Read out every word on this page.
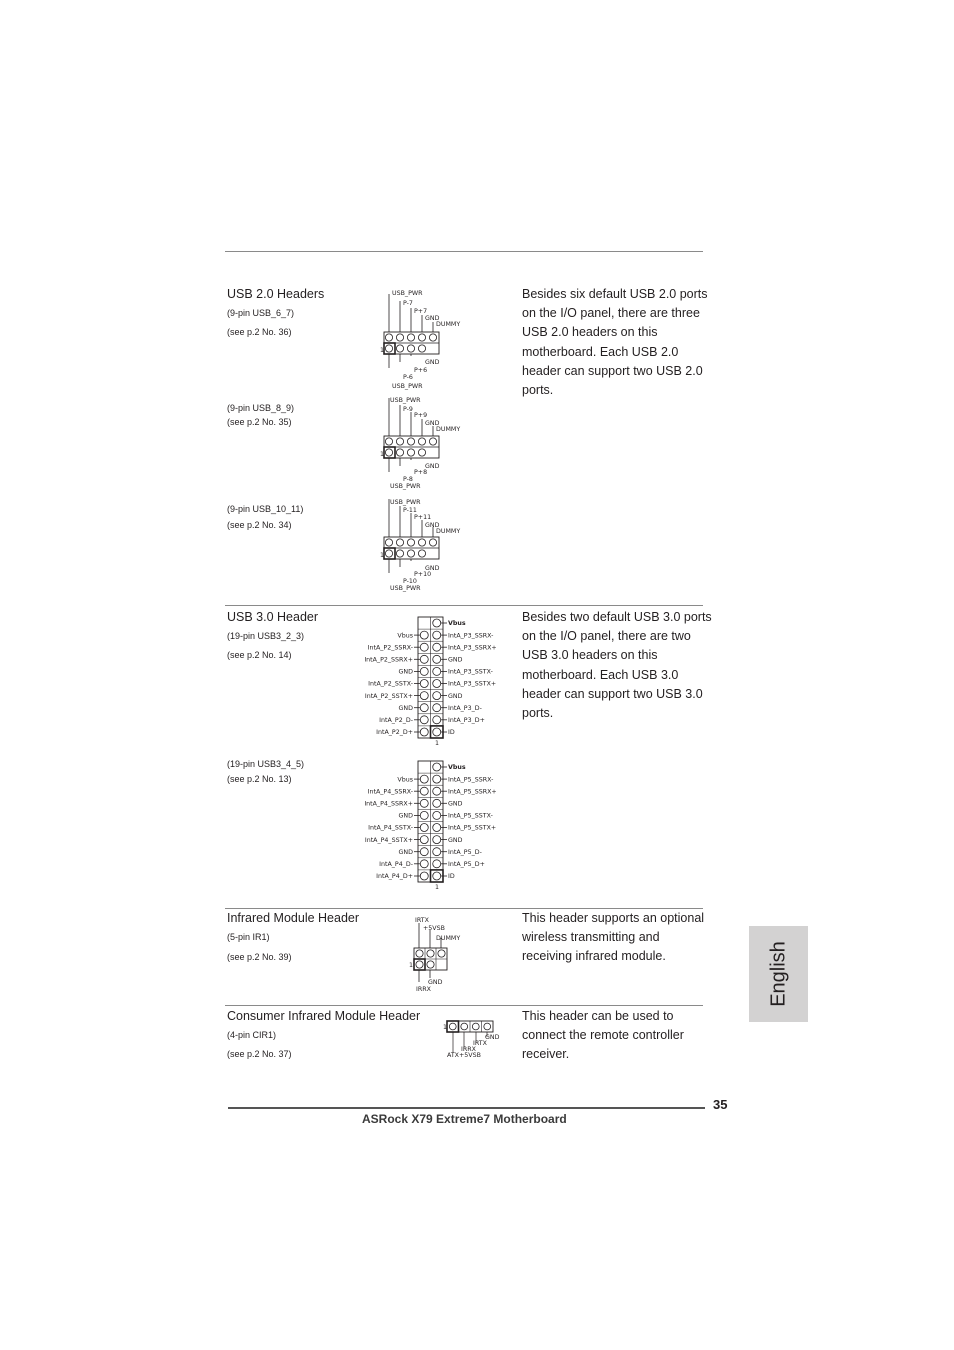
USB 2.0 Headers
(9-pin USB_6_7)
(see p.2 No. 36)
(9-pin USB_8_9)
(see p.2 No. 35)
(9-pin USB_10_11)
(see p.2 No. 34)
Besides six default USB 2.0 ports on the I/O panel, there are three USB 2.0 headers on this motherboard. Each USB 2.0 header can support two USB 2.0 ports.
USB_PWR
P-7
P+7
GND
DUMMY
1
GND
P+6
P-6
USB_PWR
USB_PWR
P-9
P+9
GND
DUMMY
1
GND
P+8
P-8
USB_PWR
USB_PWR
P-11
P+11
GND
DUMMY
1
GND
P+10
P-10
USB_PWR
USB 3.0 Header
(19-pin USB3_2_3)
(see p.2 No. 14)
(19-pin USB3_4_5)
(see p.2 No. 13)
Besides two default USB 3.0 ports on the I/O panel, there are two USB 3.0 headers on this motherboard. Each USB 3.0 header can support two USB 3.0 ports.
Vbus
IntA_P3_SSRX-
IntA_P3_SSRX+
GND
IntA_P3_SSTX-
IntA_P3_SSTX+
GND
IntA_P3_D-
IntA_P3_D+
ID
Vbus
IntA_P2_SSRX-
IntA_P2_SSRX+
GND
IntA_P2_SSTX-
IntA_P2_SSTX+
GND
IntA_P2_D-
IntA_P2_D+
1
Vbus
IntA_P5_SSRX-
IntA_P5_SSRX+
GND
IntA_P5_SSTX-
IntA_P5_SSTX+
GND
IntA_P5_D-
IntA_P5_D+
ID
Vbus
IntA_P4_SSRX-
IntA_P4_SSRX+
GND
IntA_P4_SSTX-
IntA_P4_SSTX+
GND
IntA_P4_D-
IntA_P4_D+
1
Infrared Module Header
(5-pin IR1)
(see p.2 No. 39)
This header supports an optional wireless transmitting and receiving infrared module.
IRTX
+5VSB
DUMMY
1
GND
IRRX
Consumer Infrared Module Header
(4-pin CIR1)
(see p.2 No. 37)
This header can be used to connect the remote controller receiver.
1
GND
IRTX
IRRX
ATX+5VSB
English
35
ASRock X79 Extreme7 Motherboard
